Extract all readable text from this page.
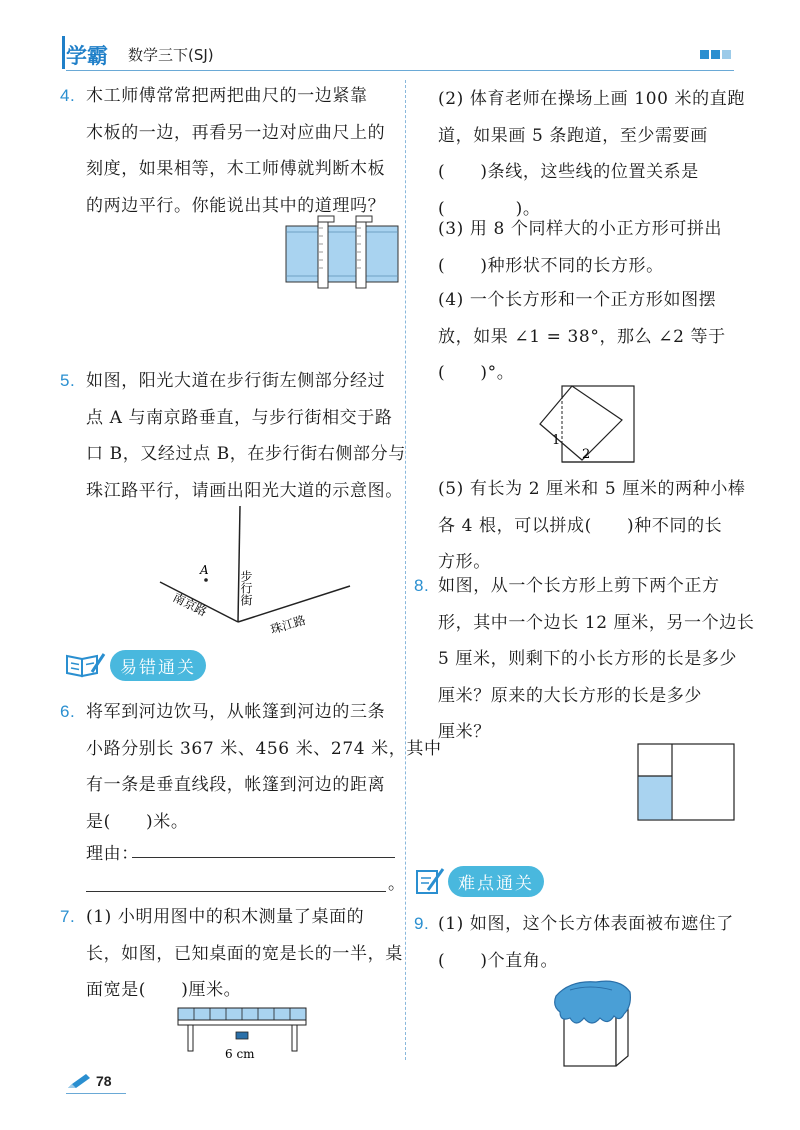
学霸 数学三下(SJ)
4. 木工师傅常常把两把曲尺的一边紧靠
木板的一边，再看另一边对应曲尺上的
刻度，如果相等，木工师傅就判断木板
的两边平行。你能说出其中的道理吗？
5. 如图，阳光大道在步行街左侧部分经过
点 A 与南京路垂直，与步行街相交于路
口 B，又经过点 B，在步行街右侧部分与
珠江路平行，请画出阳光大道的示意图。
A	步行街
南京路
珠江路
易错通关
6. 将军到河边饮马，从帐篷到河边的三条
小路分别长 367 米、456 米、274 米，其中
有一条是垂直线段，帐篷到河边的距离
是(　　)米。
理由：
。
7. (1) 小明用图中的积木测量了桌面的
长，如图，已知桌面的宽是长的一半，桌
面宽是(　　)厘米。
6 cm
(2) 体育老师在操场上画 100 米的直跑
道，如果画 5 条跑道，至少需要画
(　　)条线，这些线的位置关系是
(　　　　)。
(3) 用 8 个同样大的小正方形可拼出
(　　)种形状不同的长方形。
(4) 一个长方形和一个正方形如图摆
放，如果 ∠1 = 38°，那么 ∠2 等于
(　　)°。
1
2
(5) 有长为 2 厘米和 5 厘米的两种小棒
各 4 根，可以拼成(　　)种不同的长
方形。
8. 如图，从一个长方形上剪下两个正方
形，其中一个边长 12 厘米，另一个边长
5 厘米，则剩下的小长方形的长是多少
厘米？原来的大长方形的长是多少
厘米？
难点通关
9. (1) 如图，这个长方体表面被布遮住了
(　　)个直角。
78
